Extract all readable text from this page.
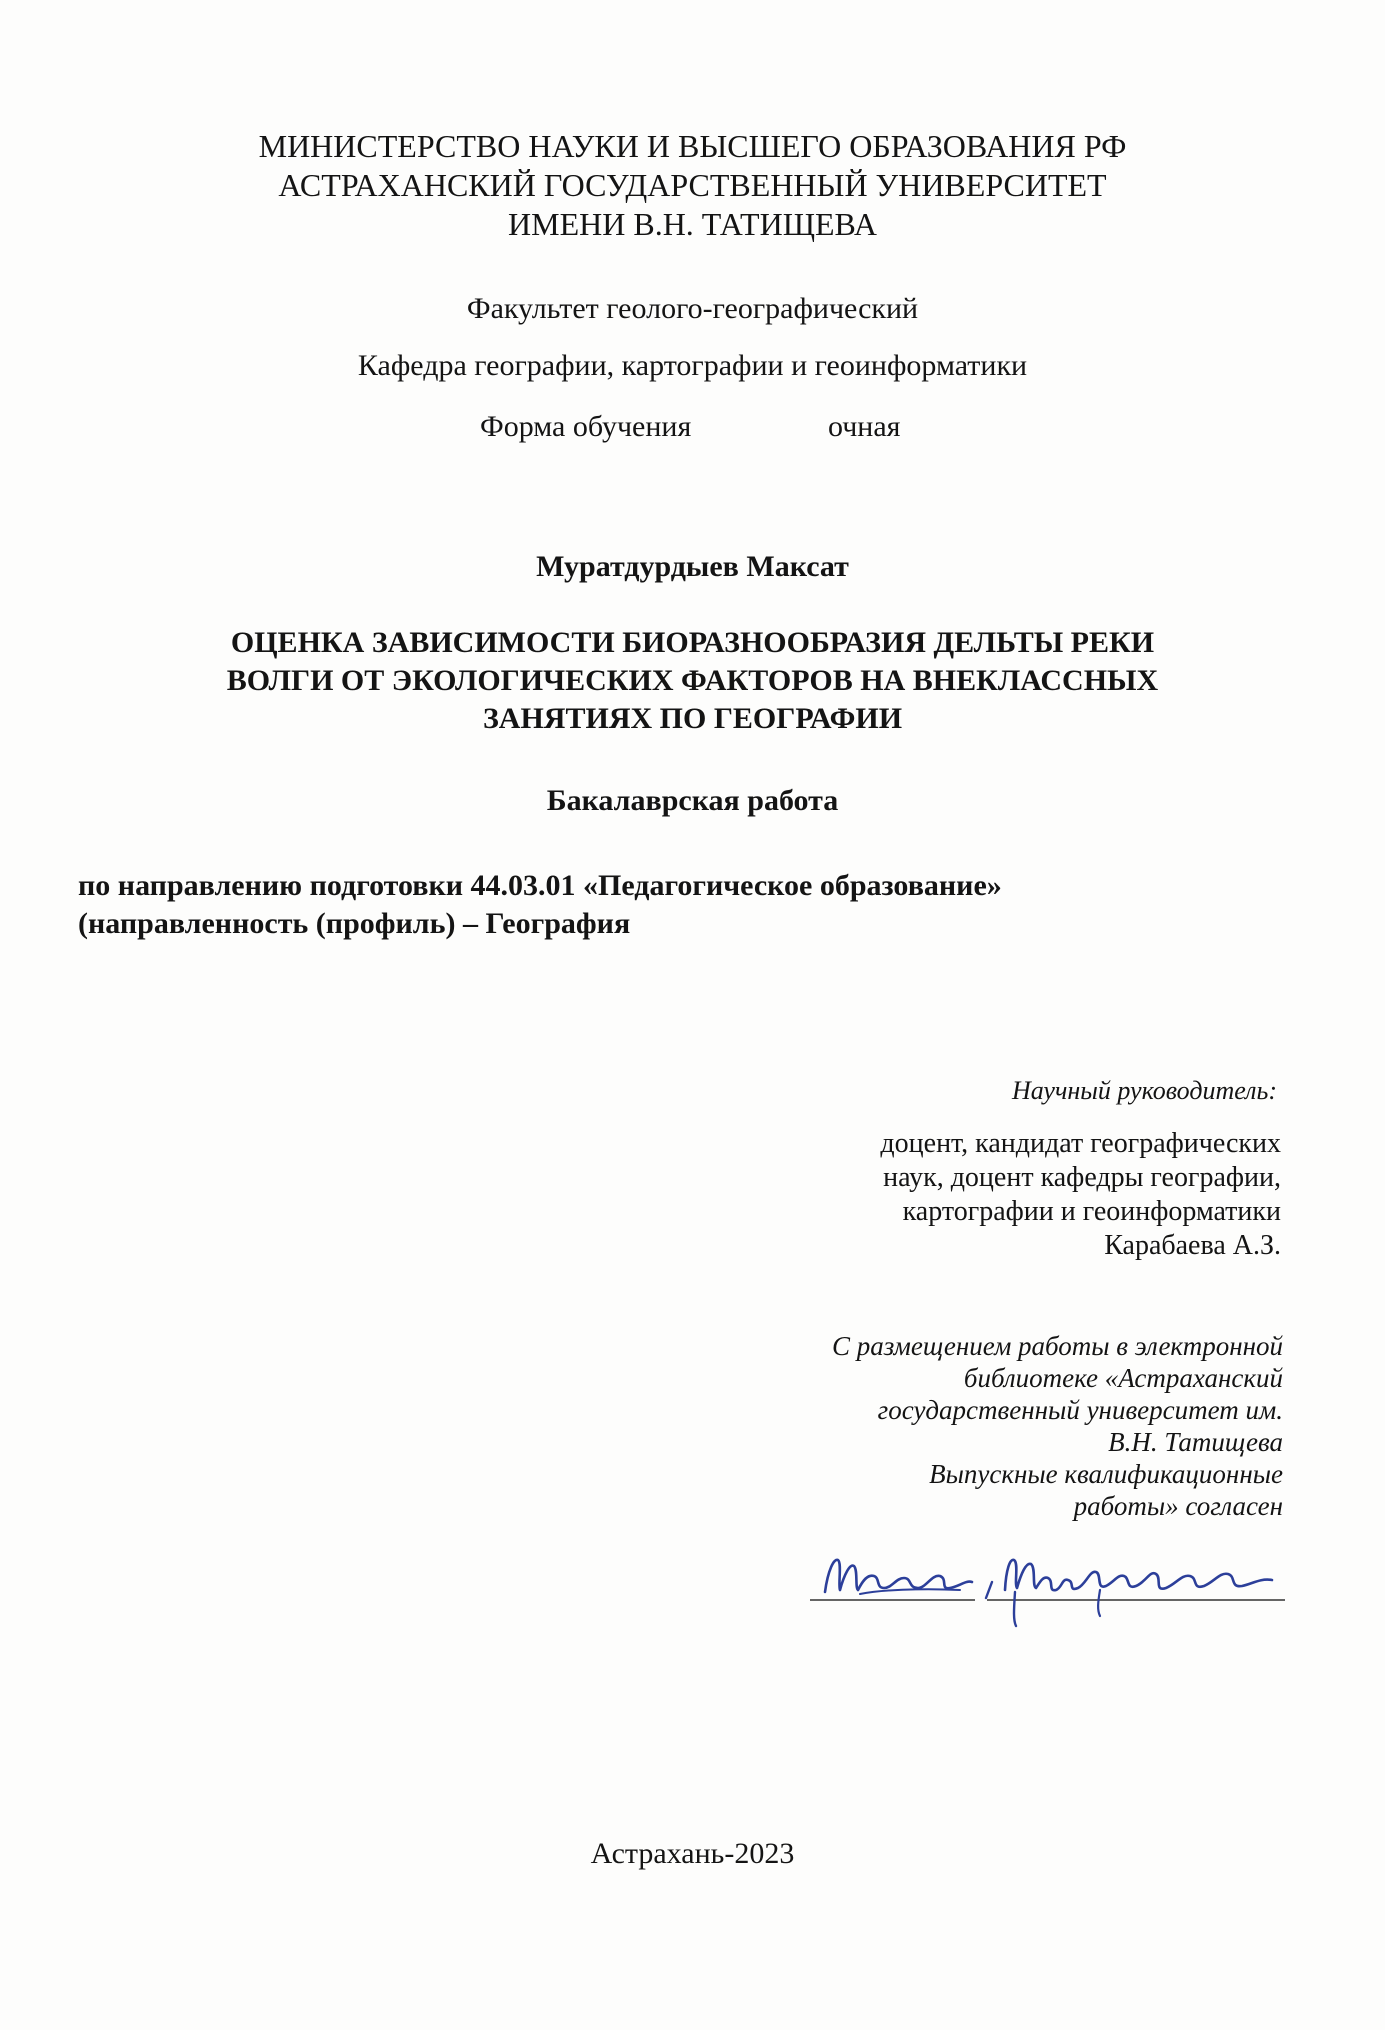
МИНИСТЕРСТВО НАУКИ И ВЫСШЕГО ОБРАЗОВАНИЯ РФ
АСТРАХАНСКИЙ ГОСУДАРСТВЕННЫЙ УНИВЕРСИТЕТ
ИМЕНИ В.Н. ТАТИЩЕВА
Факультет геолого-географический
Кафедра географии, картографии и геоинформатики
Форма обучения	очная
Муратдурдыев Максат
ОЦЕНКА ЗАВИСИМОСТИ БИОРАЗНООБРАЗИЯ ДЕЛЬТЫ РЕКИ
ВОЛГИ ОТ ЭКОЛОГИЧЕСКИХ ФАКТОРОВ НА ВНЕКЛАССНЫХ
ЗАНЯТИЯХ ПО ГЕОГРАФИИ
Бакалаврская работа
по направлению подготовки 44.03.01 «Педагогическое образование»
(направленность (профиль) – География
Научный руководитель:
доцент, кандидат географических
наук, доцент кафедры географии,
картографии и геоинформатики
Карабаева А.З.
С размещением работы в электронной
библиотеке «Астраханский
государственный университет им.
В.Н. Татищева
Выпускные квалификационные
работы» согласен
Астрахань-2023
